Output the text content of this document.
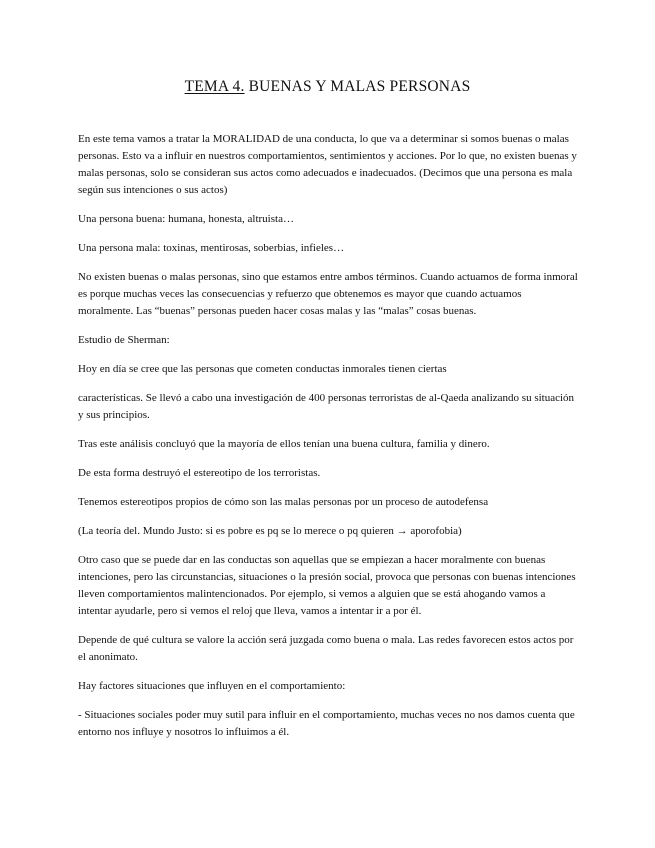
TEMA 4. BUENAS Y MALAS PERSONAS

En este tema vamos a tratar la MORALIDAD de una conducta, lo que va a determinar si somos buenas o malas personas. Esto va a influir en nuestros comportamientos, sentimientos y acciones. Por lo que, no existen buenas y malas personas, solo se consideran sus actos como adecuados e inadecuados. (Decimos que una persona es mala según sus intenciones o sus actos)

Una persona buena: humana, honesta, altruista…

Una persona mala: toxinas, mentirosas, soberbias, infieles…

No existen buenas o malas personas, sino que estamos entre ambos términos. Cuando actuamos de forma inmoral es porque muchas veces las consecuencias y refuerzo que obtenemos es mayor que cuando actuamos moralmente. Las “buenas” personas pueden hacer cosas malas y las “malas” cosas buenas.

Estudio de Sherman:

Hoy en día se cree que las personas que cometen conductas inmorales tienen ciertas

características. Se llevó a cabo una investigación de 400 personas terroristas de al-Qaeda analizando su situación y sus principios.

Tras este análisis concluyó que la mayoría de ellos tenían una buena cultura, familia y dinero.

De esta forma destruyó el estereotipo de los terroristas.

Tenemos estereotipos propios de cómo son las malas personas por un proceso de autodefensa

(La teoría del. Mundo Justo: si es pobre es pq se lo merece o pq quieren → aporofobia)

Otro caso que se puede dar en las conductas son aquellas que se empiezan a hacer moralmente con buenas intenciones, pero las circunstancias, situaciones o la presión social, provoca que personas con buenas intenciones lleven comportamientos malintencionados. Por ejemplo, si vemos a alguien que se está ahogando vamos a intentar ayudarle, pero si vemos el reloj que lleva, vamos a intentar ir a por él.

Depende de qué cultura se valore la acción será juzgada como buena o mala. Las redes favorecen estos actos por el anonimato.

Hay factores situaciones que influyen en el comportamiento:

- Situaciones sociales poder muy sutil para influir en el comportamiento, muchas veces no nos damos cuenta que entorno nos influye y nosotros lo influimos a él.
